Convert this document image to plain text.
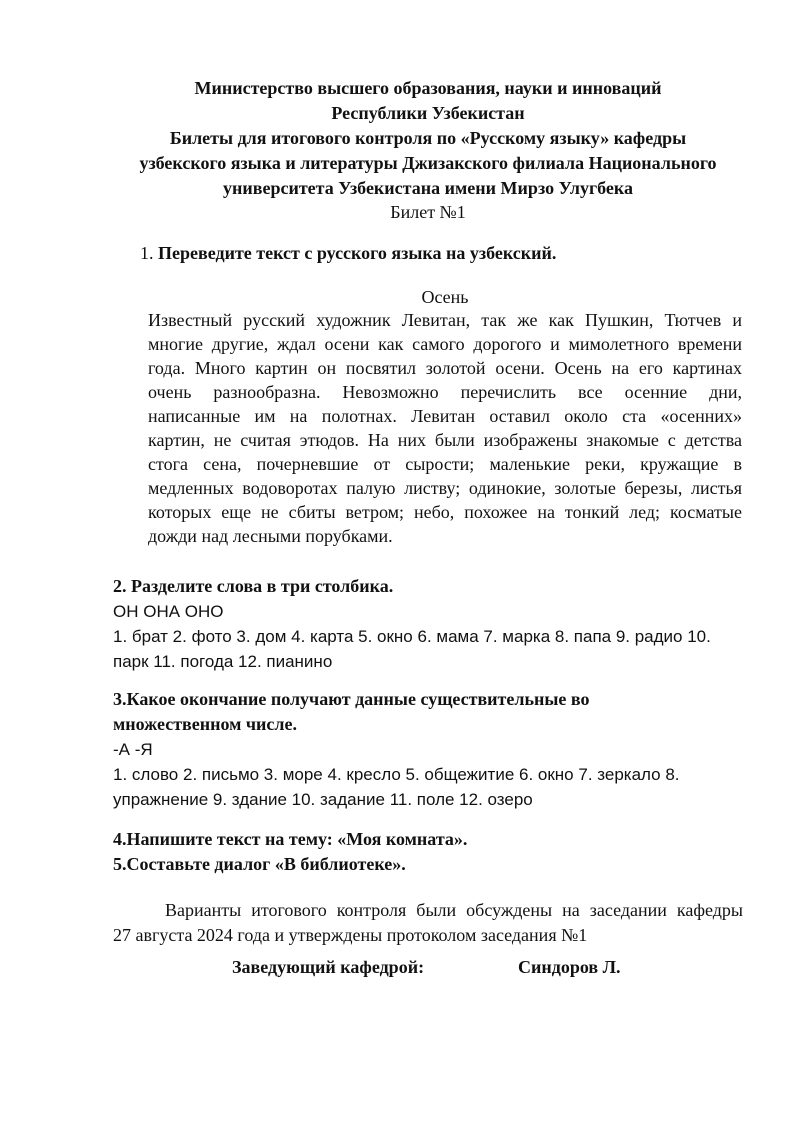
Министерство высшего образования, науки и инноваций
Республики Узбекистан
Билеты для итогового контроля по «Русскому языку» кафедры
узбекского языка и литературы Джизакского филиала Национального
университета Узбекистана имени Мирзо Улугбека
Билет №1
1. Переведите текст с русского языка на узбекский.
Осень
Известный русский художник Левитан, так же как Пушкин, Тютчев и
многие другие, ждал осени как самого дорогого и мимолетного времени
года. Много картин он посвятил золотой осени. Осень на его картинах
очень разнообразна. Невозможно перечислить все осенние дни,
написанные им на полотнах. Левитан оставил около ста «осенних»
картин, не считая этюдов. На них были изображены знакомые с детства
стога сена, почерневшие от сырости; маленькие реки, кружащие в
медленных водоворотах палую листву; одинокие, золотые березы, листья
которых еще не сбиты ветром; небо, похожее на тонкий лед; косматые
дожди над лесными порубками.
2. Разделите слова в три столбика.
ОН ОНА ОНО
1. брат 2. фото 3. дом 4. карта 5. окно 6. мама 7. марка 8. папа 9. радио 10.
парк 11. погода 12. пианино
3.Какое окончание получают данные существительные во
множественном числе.
-А -Я
1. слово 2. письмо 3. море 4. кресло 5. общежитие 6. окно 7. зеркало 8.
упражнение 9. здание 10. задание 11. поле 12. озеро
4.Напишите текст на тему: «Моя комната».
5.Составьте диалог «В библиотеке».
Варианты итогового контроля были обсуждены на заседании кафедры
27 августа 2024 года и утверждены протоколом заседания №1
Заведующий кафедрой:	Синдоров Л.
